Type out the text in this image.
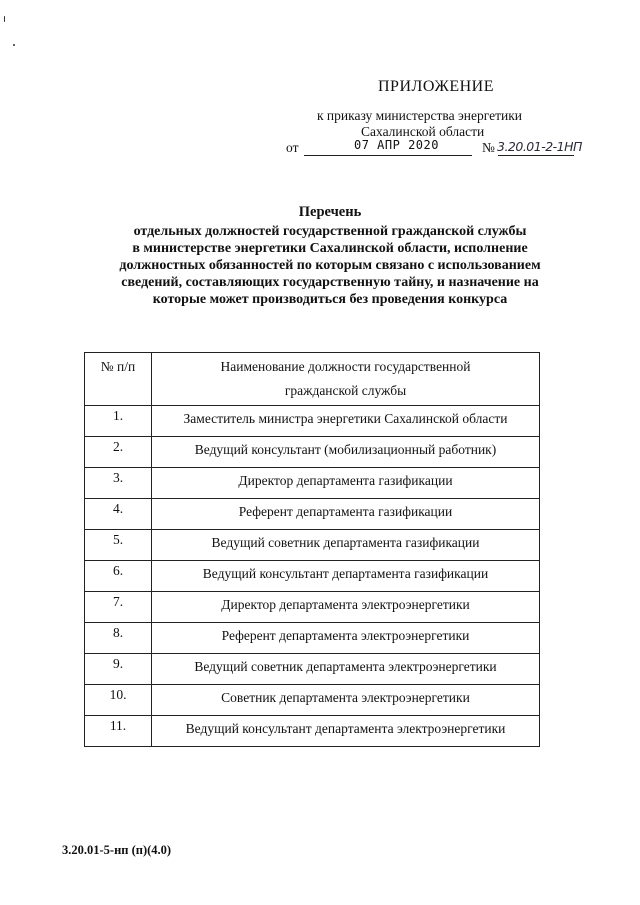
ПРИЛОЖЕНИЕ
к приказу министерства энергетики
Сахалинской области
от	07 АПР 2020	№ 3.20.01-2-1НП
Перечень
отдельных должностей государственной гражданской службы
в министерстве энергетики Сахалинской области, исполнение
должностных обязанностей по которым связано с использованием
сведений, составляющих государственную тайну, и назначение на
которые может производиться без проведения конкурса
№ п/п	Наименование должности государственной
гражданской службы
1.	Заместитель министра энергетики Сахалинской области
2.	Ведущий консультант (мобилизационный работник)
3.	Директор департамента газификации
4.	Референт департамента газификации
5.	Ведущий советник департамента газификации
6.	Ведущий консультант департамента газификации
7.	Директор департамента электроэнергетики
8.	Референт департамента электроэнергетики
9.	Ведущий советник департамента электроэнергетики
10.	Советник департамента электроэнергетики
11.	Ведущий консультант департамента электроэнергетики
3.20.01-5-нп (п)(4.0)
